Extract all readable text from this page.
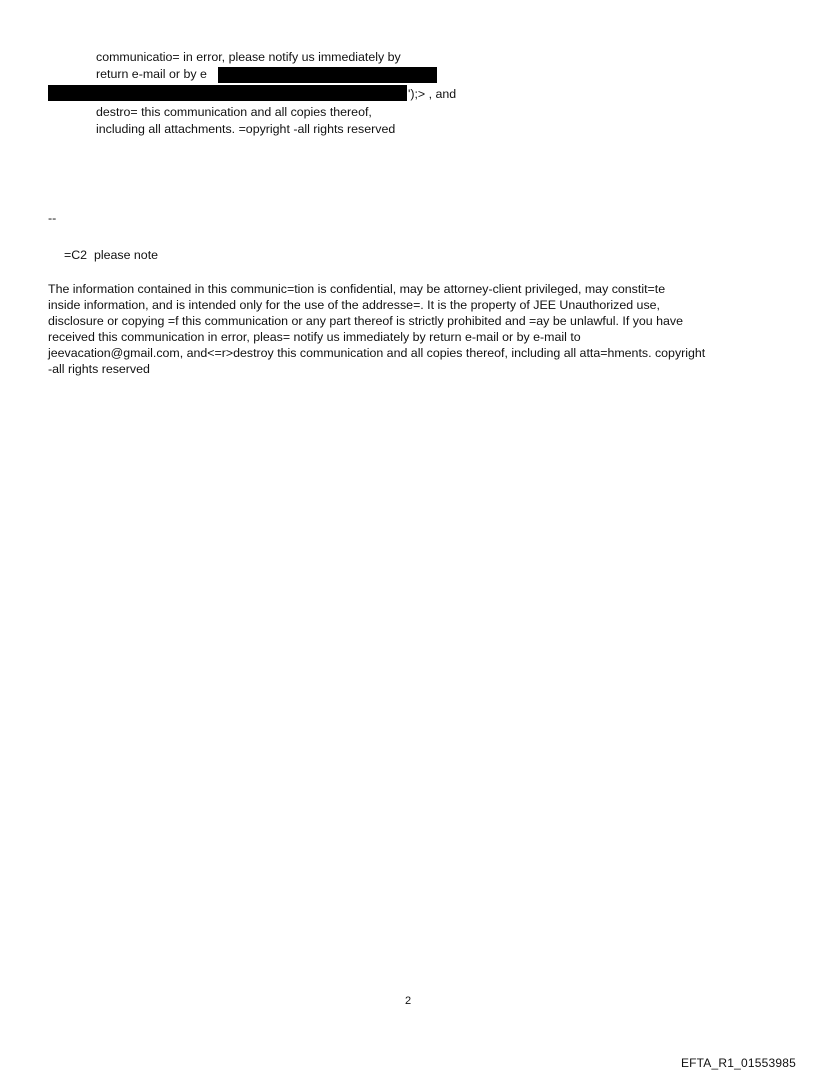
communicatio= in error, please notify us immediately by
return e-mail or by e
');> , and
destro= this communication and all copies thereof,
including all attachments. =opyright -all rights reserved
--
=C2  please note
The information contained in this communic=tion is confidential, may be attorney-client privileged, may constit=te
inside information, and is intended only for the use of the addresse=. It is the property of JEE Unauthorized use,
disclosure or copying =f this communication or any part thereof is strictly prohibited and =ay be unlawful. If you have
received this communication in error, pleas= notify us immediately by return e-mail or by e-mail to
jeevacation@gmail.com, and<=r>destroy this communication and all copies thereof, including all atta=hments. copyright
-all rights reserved
2
EFTA_R1_01553985
